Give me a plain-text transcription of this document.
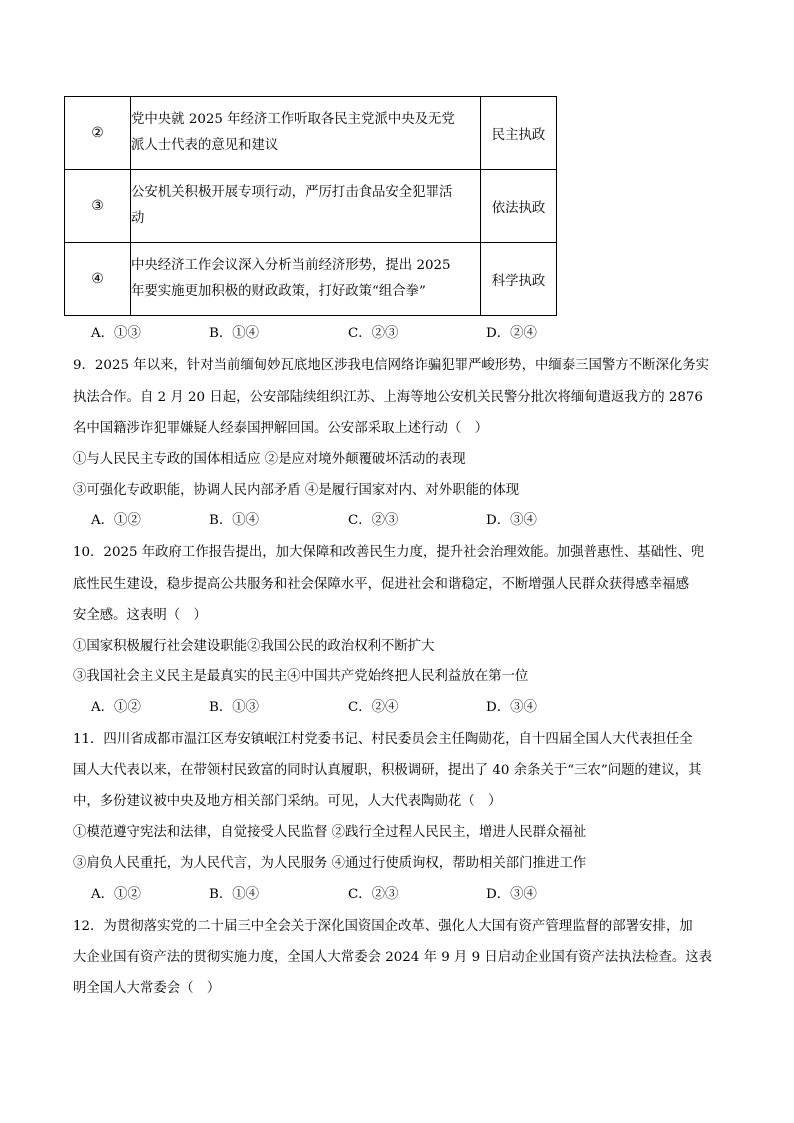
②	党中央就 2025 年经济工作听取各民主党派中央及无党
派人士代表的意见和建议	民主执政
③	公安机关积极开展专项行动，严厉打击食品安全犯罪活
动	依法执政
④	中央经济工作会议深入分析当前经济形势，提出 2025
年要实施更加积极的财政政策，打好政策“组合拳”	科学执政
A．①③	B．①④	C．②③	D．②④
9．2025 年以来，针对当前缅甸妙瓦底地区涉我电信网络诈骗犯罪严峻形势，中缅泰三国警方不断深化务实
执法合作。自 2 月 20 日起，公安部陆续组织江苏、上海等地公安机关民警分批次将缅甸遣返我方的 2876
名中国籍涉诈犯罪嫌疑人经泰国押解回国。公安部采取上述行动（　）
①与人民民主专政的国体相适应 ②是应对境外颠覆破坏活动的表现
③可强化专政职能，协调人民内部矛盾 ④是履行国家对内、对外职能的体现
A．①②	B．①④	C．②③	D．③④
10．2025 年政府工作报告提出，加大保障和改善民生力度，提升社会治理效能。加强普惠性、基础性、兜
底性民生建设，稳步提高公共服务和社会保障水平，促进社会和谐稳定，不断增强人民群众获得感幸福感
安全感。这表明（　）
①国家积极履行社会建设职能②我国公民的政治权利不断扩大
③我国社会主义民主是最真实的民主④中国共产党始终把人民利益放在第一位
A．①②	B．①③	C．②④	D．③④
11．四川省成都市温江区寿安镇岷江村党委书记、村民委员会主任陶勋花，自十四届全国人大代表担任全
国人大代表以来，在带领村民致富的同时认真履职，积极调研，提出了 40 余条关于“三农”问题的建议，其
中，多份建议被中央及地方相关部门采纳。可见，人大代表陶勋花（　）
①模范遵守宪法和法律，自觉接受人民监督 ②践行全过程人民民主，增进人民群众福祉
③肩负人民重托，为人民代言，为人民服务 ④通过行使质询权，帮助相关部门推进工作
A．①②	B．①④	C．②③	D．③④
12．为贯彻落实党的二十届三中全会关于深化国资国企改革、强化人大国有资产管理监督的部署安排，加
大企业国有资产法的贯彻实施力度，全国人大常委会 2024 年 9 月 9 日启动企业国有资产法执法检查。这表
明全国人大常委会（　）
